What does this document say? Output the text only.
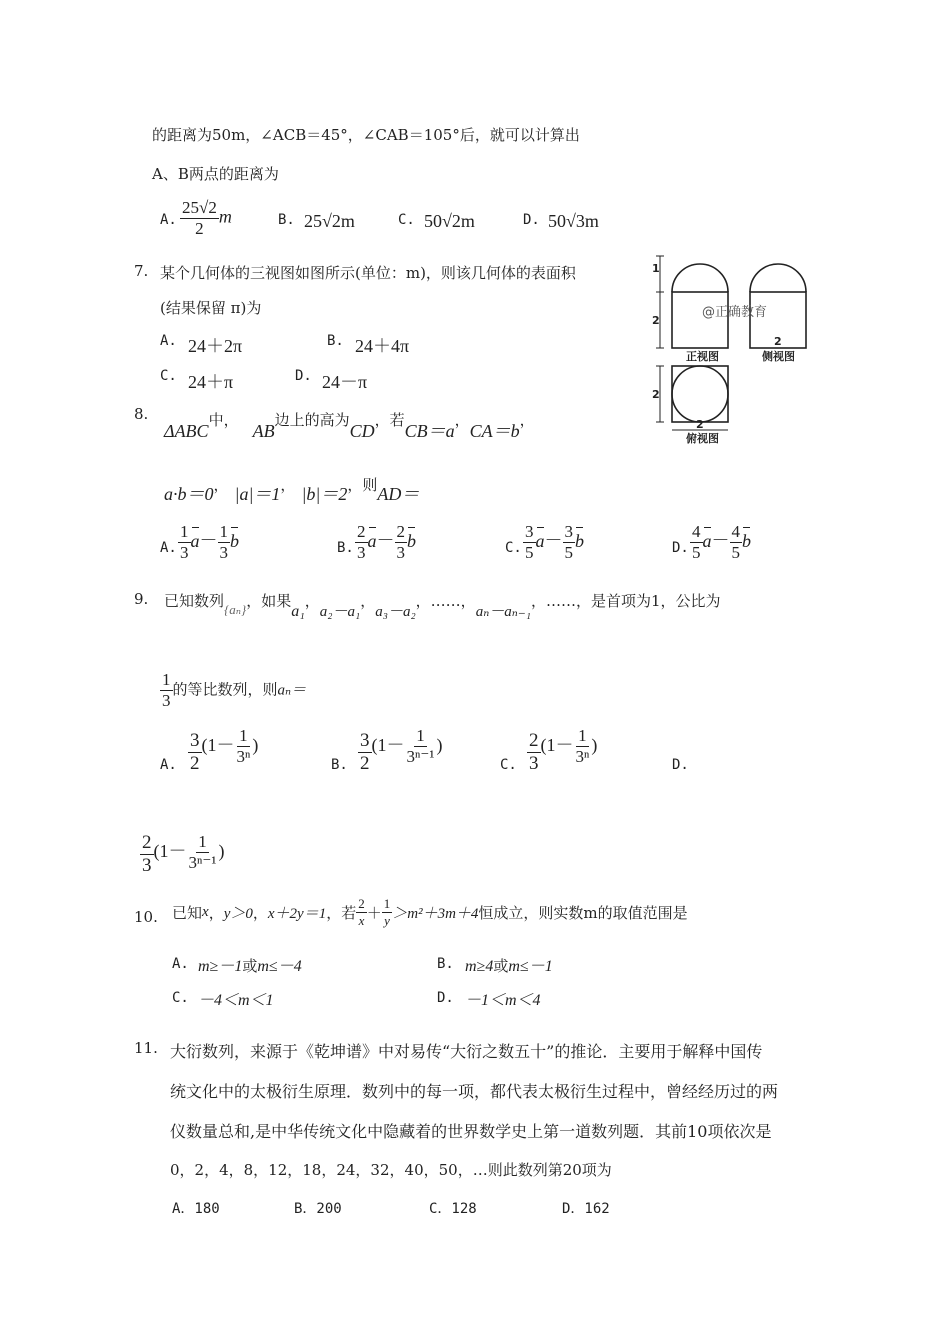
的距离为50m，∠ACB＝45°，∠CAB＝105°后，就可以计算出
A、B两点的距离为
A. $\frac{25√2}{2}$ m	B. 25√2m	C. 50√2m	D. 50√3m
7. 某个几何体的三视图如图所示(单位：m)，则该几何体的表面积
(结果保留 π)为
A. 24＋2π	B. 24＋4π
C. 24＋π	D. 24－π
1
2
2
2
2
正视图	侧视图
俯视图
@正确教育
8.
ΔABC中，AB边上的高为CD，若CB＝a，CA＝b，
a·b＝0， |a|＝1， |b|＝2，则AD＝
A. $\frac{1}{3} a- \frac{1}{3}$ b	B. $\frac{2}{3} a- \frac{2}{3}$ b	C. $\frac{3}{5} a- \frac{3}{5}$ b	D. $\frac{4}{5} a- \frac{4}{5}$ b
9. 已知数列{aₙ}，如果a₁，a₂－a₁，a₃－a₂，……，aₙ－aₙ₋₁，……，是首项为1，公比为
$\frac{1}{3}$ 的等比数列，则aₙ＝
A. $\frac{3}{2} (1- \frac{1}{\text{3ⁿ}}$ )
B. $\frac{3}{2} (1- \frac{1}{\text{3ⁿ⁻¹}}$ )
C. $\frac{2}{3} (1- \frac{1}{\text{3ⁿ}}$ )
D.
$\frac{2}{3} (1- \frac{1}{\text{3ⁿ⁻¹}}$ )
10. 已知x，y＞0，x＋2y＝1，若 $\frac{2}{x} + \frac{1}{y} >m^2+3m+4$恒成立，则实数m的取值范围是
A. m≥－1或m≤－4	B. m≥4或m≤－1
C. －4＜m＜1	D. －1＜m＜4
11. 大衍数列，来源于《乾坤谱》中对易传“大衍之数五十”的推论．主要用于解释中国传
统文化中的太极衍生原理．数列中的每一项，都代表太极衍生过程中，曾经经历过的两
仪数量总和,是中华传统文化中隐藏着的世界数学史上第一道数列题．其前10项依次是
0，2，4，8，12，18，24，32，40，50，…则此数列第20项为
A．180	B．200	C．128	D．162
